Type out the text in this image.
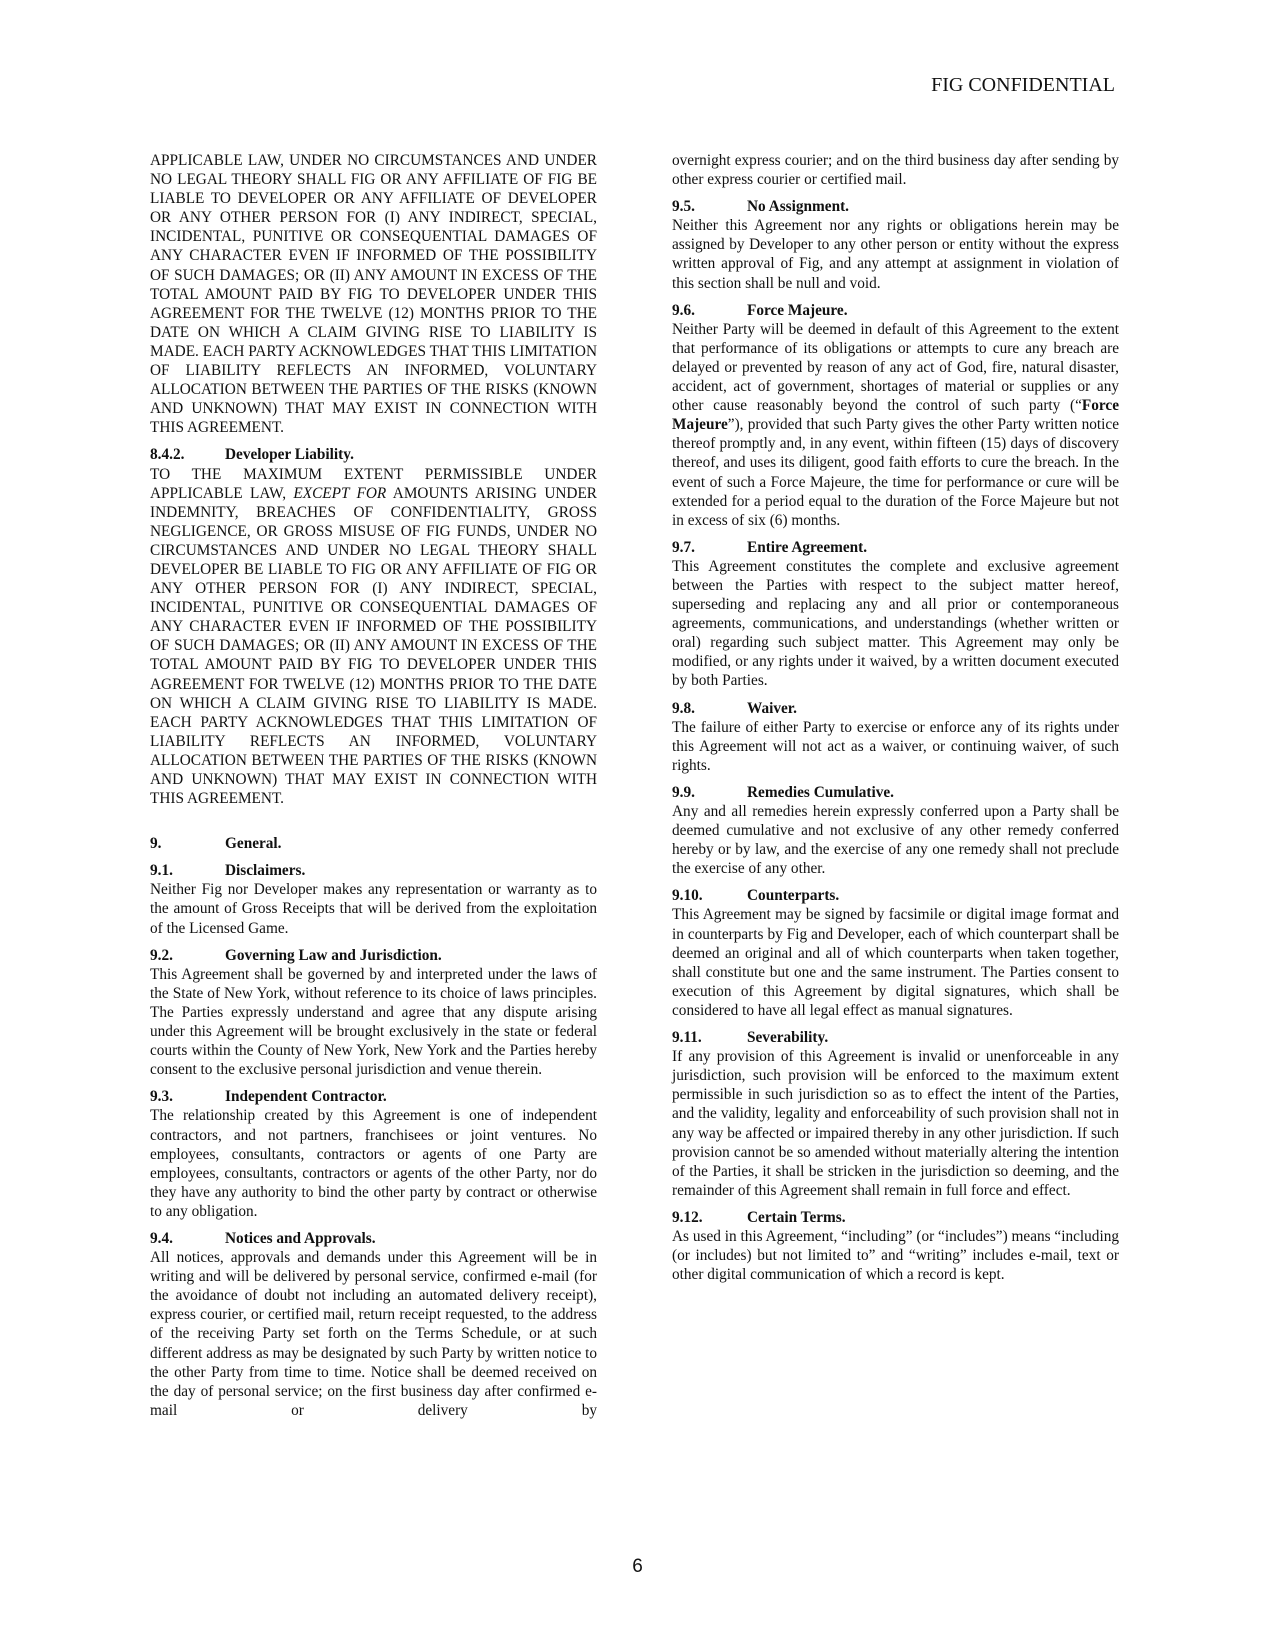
FIG CONFIDENTIAL

APPLICABLE LAW, UNDER NO CIRCUMSTANCES AND UNDER NO LEGAL THEORY SHALL FIG OR ANY AFFILIATE OF FIG BE LIABLE TO DEVELOPER OR ANY AFFILIATE OF DEVELOPER OR ANY OTHER PERSON FOR (I) ANY INDIRECT, SPECIAL, INCIDENTAL, PUNITIVE OR CONSEQUENTIAL DAMAGES OF ANY CHARACTER EVEN IF INFORMED OF THE POSSIBILITY OF SUCH DAMAGES; OR (II) ANY AMOUNT IN EXCESS OF THE TOTAL AMOUNT PAID BY FIG TO DEVELOPER UNDER THIS AGREEMENT FOR THE TWELVE (12) MONTHS PRIOR TO THE DATE ON WHICH A CLAIM GIVING RISE TO LIABILITY IS MADE. EACH PARTY ACKNOWLEDGES THAT THIS LIMITATION OF LIABILITY REFLECTS AN INFORMED, VOLUNTARY ALLOCATION BETWEEN THE PARTIES OF THE RISKS (KNOWN AND UNKNOWN) THAT MAY EXIST IN CONNECTION WITH THIS AGREEMENT.

8.4.2.	Developer Liability.

TO THE MAXIMUM EXTENT PERMISSIBLE UNDER APPLICABLE LAW, EXCEPT FOR AMOUNTS ARISING UNDER INDEMNITY, BREACHES OF CONFIDENTIALITY, GROSS NEGLIGENCE, OR GROSS MISUSE OF FIG FUNDS, UNDER NO CIRCUMSTANCES AND UNDER NO LEGAL THEORY SHALL DEVELOPER BE LIABLE TO FIG OR ANY AFFILIATE OF FIG OR ANY OTHER PERSON FOR (I) ANY INDIRECT, SPECIAL, INCIDENTAL, PUNITIVE OR CONSEQUENTIAL DAMAGES OF ANY CHARACTER EVEN IF INFORMED OF THE POSSIBILITY OF SUCH DAMAGES; OR (II) ANY AMOUNT IN EXCESS OF THE TOTAL AMOUNT PAID BY FIG TO DEVELOPER UNDER THIS AGREEMENT FOR TWELVE (12) MONTHS PRIOR TO THE DATE ON WHICH A CLAIM GIVING RISE TO LIABILITY IS MADE. EACH PARTY ACKNOWLEDGES THAT THIS LIMITATION OF LIABILITY REFLECTS AN INFORMED, VOLUNTARY ALLOCATION BETWEEN THE PARTIES OF THE RISKS (KNOWN AND UNKNOWN) THAT MAY EXIST IN CONNECTION WITH THIS AGREEMENT.

9.	General.
9.1.	Disclaimers.

Neither Fig nor Developer makes any representation or warranty as to the amount of Gross Receipts that will be derived from the exploitation of the Licensed Game.

9.2.	Governing Law and Jurisdiction.

This Agreement shall be governed by and interpreted under the laws of the State of New York, without reference to its choice of laws principles. The Parties expressly understand and agree that any dispute arising under this Agreement will be brought exclusively in the state or federal courts within the County of New York, New York and the Parties hereby consent to the exclusive personal jurisdiction and venue therein.

9.3.	Independent Contractor.

The relationship created by this Agreement is one of independent contractors, and not partners, franchisees or joint ventures. No employees, consultants, contractors or agents of one Party are employees, consultants, contractors or agents of the other Party, nor do they have any authority to bind the other party by contract or otherwise to any obligation.

9.4.	Notices and Approvals.

All notices, approvals and demands under this Agreement will be in writing and will be delivered by personal service, confirmed e-mail (for the avoidance of doubt not including an automated delivery receipt), express courier, or certified mail, return receipt requested, to the address of the receiving Party set forth on the Terms Schedule, or at such different address as may be designated by such Party by written notice to the other Party from time to time. Notice shall be deemed received on the day of personal service; on the first business day after confirmed e-mail or delivery by

overnight express courier; and on the third business day after sending by other express courier or certified mail.

9.5.	No Assignment.

Neither this Agreement nor any rights or obligations herein may be assigned by Developer to any other person or entity without the express written approval of Fig, and any attempt at assignment in violation of this section shall be null and void.

9.6.	Force Majeure.

Neither Party will be deemed in default of this Agreement to the extent that performance of its obligations or attempts to cure any breach are delayed or prevented by reason of any act of God, fire, natural disaster, accident, act of government, shortages of material or supplies or any other cause reasonably beyond the control of such party (“Force Majeure”), provided that such Party gives the other Party written notice thereof promptly and, in any event, within fifteen (15) days of discovery thereof, and uses its diligent, good faith efforts to cure the breach. In the event of such a Force Majeure, the time for performance or cure will be extended for a period equal to the duration of the Force Majeure but not in excess of six (6) months.

9.7.	Entire Agreement.

This Agreement constitutes the complete and exclusive agreement between the Parties with respect to the subject matter hereof, superseding and replacing any and all prior or contemporaneous agreements, communications, and understandings (whether written or oral) regarding such subject matter. This Agreement may only be modified, or any rights under it waived, by a written document executed by both Parties.

9.8.	Waiver.

The failure of either Party to exercise or enforce any of its rights under this Agreement will not act as a waiver, or continuing waiver, of such rights.

9.9.	Remedies Cumulative.

Any and all remedies herein expressly conferred upon a Party shall be deemed cumulative and not exclusive of any other remedy conferred hereby or by law, and the exercise of any one remedy shall not preclude the exercise of any other.

9.10.	Counterparts.

This Agreement may be signed by facsimile or digital image format and in counterparts by Fig and Developer, each of which counterpart shall be deemed an original and all of which counterparts when taken together, shall constitute but one and the same instrument. The Parties consent to execution of this Agreement by digital signatures, which shall be considered to have all legal effect as manual signatures.

9.11.	Severability.

If any provision of this Agreement is invalid or unenforceable in any jurisdiction, such provision will be enforced to the maximum extent permissible in such jurisdiction so as to effect the intent of the Parties, and the validity, legality and enforceability of such provision shall not in any way be affected or impaired thereby in any other jurisdiction. If such provision cannot be so amended without materially altering the intention of the Parties, it shall be stricken in the jurisdiction so deeming, and the remainder of this Agreement shall remain in full force and effect.

9.12.	Certain Terms.

As used in this Agreement, “including” (or “includes”) means “including (or includes) but not limited to” and “writing” includes e-mail, text or other digital communication of which a record is kept.

6
